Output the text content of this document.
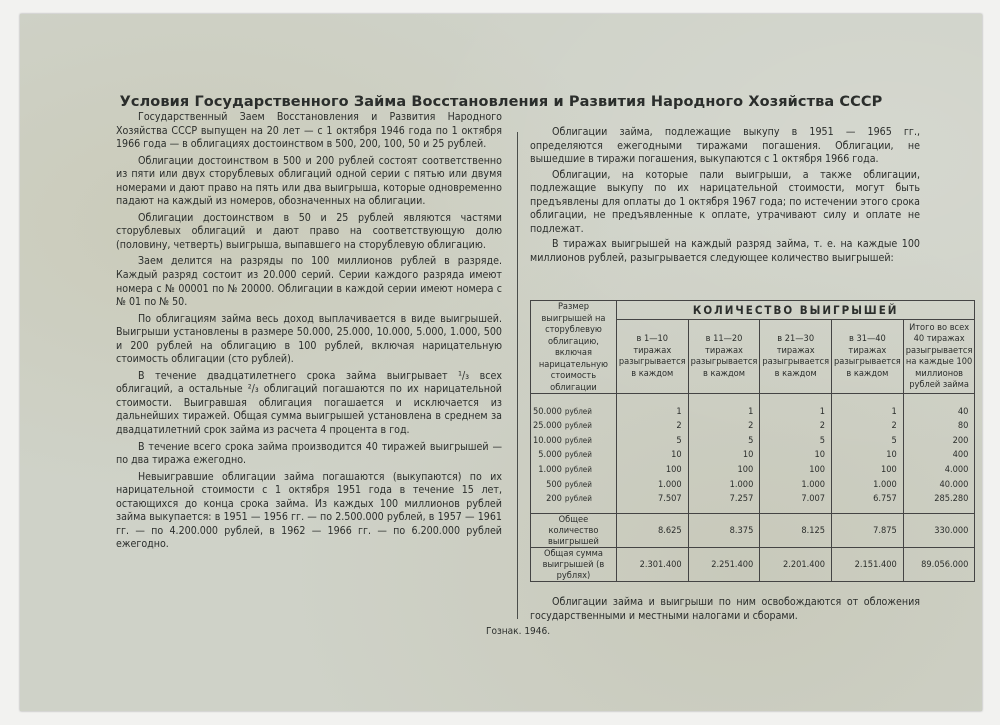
Условия Государственного Займа Восстановления и Развития Народного Хозяйства СССР

Государственный Заем Восстановления и Развития Народного Хозяйства СССР выпущен на 20 лет — с 1 октября 1946 года по 1 октября 1966 года — в облигациях достоинством в 500, 200, 100, 50 и 25 рублей.

Облигации достоинством в 500 и 200 рублей состоят соответственно из пяти или двух сторублевых облигаций одной серии с пятью или двумя номерами и дают право на пять или два выигрыша, которые одновременно падают на каждый из номеров, обозначенных на облигации.

Облигации достоинством в 50 и 25 рублей являются частями сторублевых облигаций и дают право на соответствующую долю (половину, четверть) выигрыша, выпавшего на сторублевую облигацию.

Заем делится на разряды по 100 миллионов рублей в разряде. Каждый разряд состоит из 20.000 серий. Серии каждого разряда имеют номера с № 00001 по № 20000. Облигации в каждой серии имеют номера с № 01 по № 50.

По облигациям займа весь доход выплачивается в виде выигрышей. Выигрыши установлены в размере 50.000, 25.000, 10.000, 5.000, 1.000, 500 и 200 рублей на облигацию в 100 рублей, включая нарицательную стоимость облигации (сто рублей).

В течение двадцатилетнего срока займа выигрывает ¹/₃ всех облигаций, а остальные ²/₃ облигаций погашаются по их нарицательной стоимости. Выигравшая облигация погашается и исключается из дальнейших тиражей. Общая сумма выигрышей установлена в среднем за двадцатилетний срок займа из расчета 4 процента в год.

В течение всего срока займа производится 40 тиражей выигрышей — по два тиража ежегодно.

Невыигравшие облигации займа погашаются (выкупаются) по их нарицательной стоимости с 1 октября 1951 года в течение 15 лет, остающихся до конца срока займа. Из каждых 100 миллионов рублей займа выкупается: в 1951 — 1956 гг. — по 2.500.000 рублей, в 1957 — 1961 гг. — по 4.200.000 рублей, в 1962 — 1966 гг. — по 6.200.000 рублей ежегодно.

Облигации займа, подлежащие выкупу в 1951 — 1965 гг., определяются ежегодными тиражами погашения. Облигации, не вышедшие в тиражи погашения, выкупаются с 1 октября 1966 года.

Облигации, на которые пали выигрыши, а также облигации, подлежащие выкупу по их нарицательной стоимости, могут быть предъявлены для оплаты до 1 октября 1967 года; по истечении этого срока облигации, не предъявленные к оплате, утрачивают силу и оплате не подлежат.

В тиражах выигрышей на каждый разряд займа, т. е. на каждые 100 миллионов рублей, разыгрывается следующее количество выигрышей:

Размер выигрышей на сторублевую облигацию, включая нарицательную стоимость облигации	КОЛИЧЕСТВО ВЫИГРЫШЕЙ				
	в 1—10 тиражах разыгрывается в каждом	в 11—20 тиражах разыгрывается в каждом	в 21—30 тиражах разыгрывается в каждом	в 31—40 тиражах разыгрывается в каждом	Итого во всех 40 тиражах разыгрывается на каждые 100 миллионов рублей займа
50.000 рублей	1	1	1	1	40
25.000 рублей	2	2	2	2	80
10.000 рублей	5	5	5	5	200
5.000 рублей	10	10	10	10	400
1.000 рублей	100	100	100	100	4.000
500 рублей	1.000	1.000	1.000	1.000	40.000
200 рублей	7.507	7.257	7.007	6.757	285.280
Общее количество выигрышей	8.625	8.375	8.125	7.875	330.000
Общая сумма выигрышей (в рублях)	2.301.400	2.251.400	2.201.400	2.151.400	89.056.000

Облигации займа и выигрыши по ним освобождаются от обложения государственными и местными налогами и сборами.

Гознак. 1946.
